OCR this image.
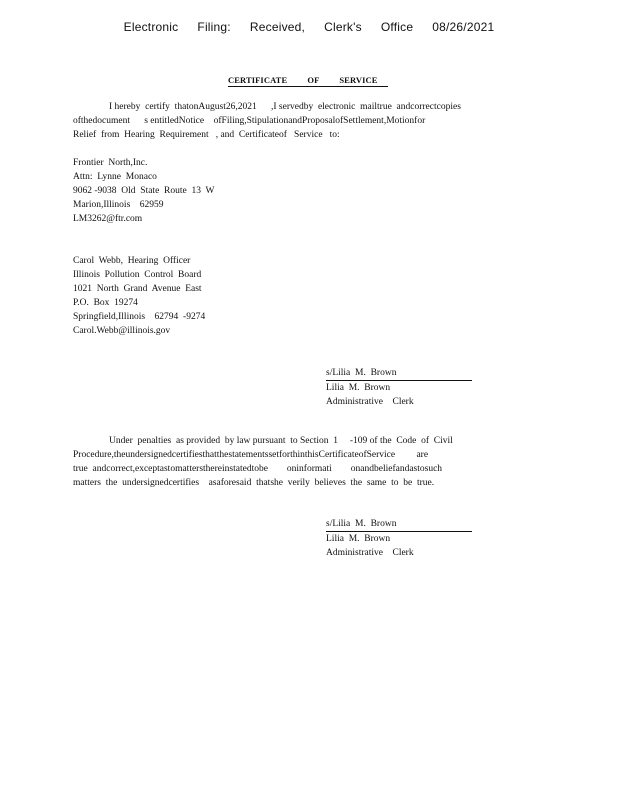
Electronic  Filing:  Received,  Clerk's  Office  08/26/2021
CERTIFICATE OF SERVICE
I hereby  certify  thatonAugust26,2021      ,I servedby  electronic  mailtrue  andcorrectcopies
ofthedocument      s entitledNotice    ofFiling,StipulationandProposalofSettlement,Motionfor
Relief  from  Hearing  Requirement   , and  Certificateof   Service   to:
Frontier  North,Inc.
Attn:  Lynne  Monaco
9062 -9038  Old  State  Route  13  W
Marion,Illinois    62959
LM3262@ftr.com
Carol  Webb,  Hearing  Officer
Illinois  Pollution  Control  Board
1021  North  Grand  Avenue  East
P.O.  Box  19274
Springfield,Illinois    62794  -9274
Carol.Webb@illinois.gov
s/Lilia  M.  Brown
Lilia  M.  Brown
Administrative    Clerk
Under  penalties  as provided  by law pursuant  to Section  1     -109 of the  Code  of  Civil
Procedure,theundersignedcertifiesthatthestatementssetforthinthisCertificateofService         are
true  andcorrect,exceptastomattersthereinstatedtobe        oninformati        onandbeliefandastosuch
matters  the  undersignedcertifies    asaforesaid  thatshe  verily  believes  the  same  to  be  true.
s/Lilia  M.  Brown
Lilia  M.  Brown
Administrative    Clerk
